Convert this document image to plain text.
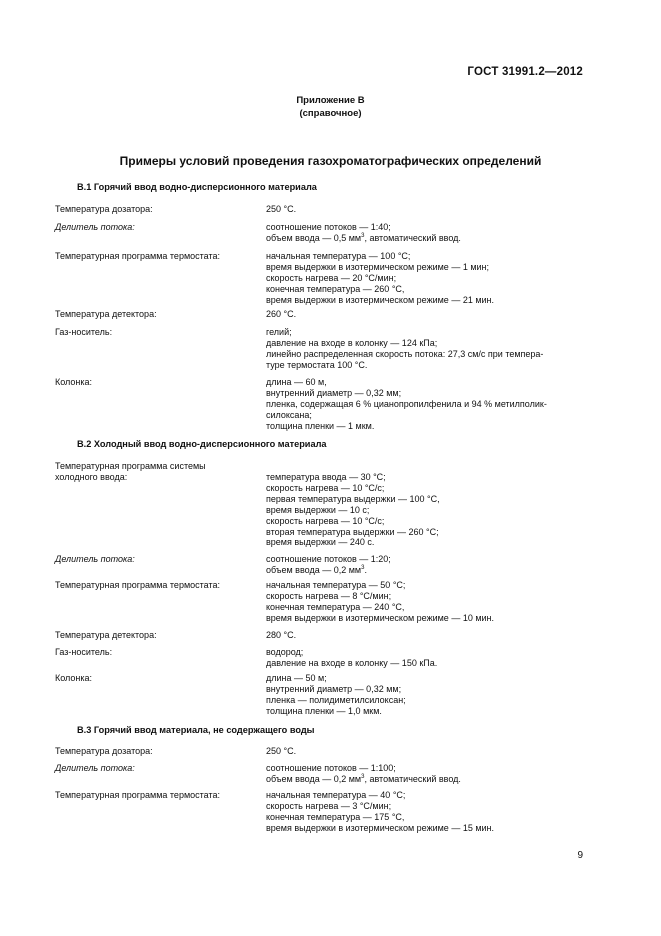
ГОСТ 31991.2—2012
Приложение В
(справочное)
Примеры условий проведения газохроматографических определений
В.1 Горячий ввод водно-дисперсионного материала
Температура дозатора:	250 °С.
Делитель потока:	соотношение потоков — 1:40;
объем ввода — 0,5 $мм^3$, автоматический ввод.
Температурная программа термостата:	начальная температура — 100 °С;
время выдержки в изотермическом режиме — 1 мин;
скорость нагрева — 20 °С/мин;
конечная температура — 260 °С,
время выдержки в изотермическом режиме — 21 мин.
Температура детектора:	260 °С.
Газ-носитель:	гелий;
давление на входе в колонку — 124 кПа;
линейно распределенная скорость потока: 27,3 см/с при темпера-
туре термостата 100 °С.
Колонка:	длина — 60 м,
внутренний диаметр — 0,32 мм;
пленка, содержащая 6 % цианопропилфенила и 94 % метилполик-
силоксана;
толщина пленки — 1 мкм.
В.2 Холодный ввод водно-дисперсионного материала
Температурная программа системы
холодного ввода:	температура ввода — 30 °С;
скорость нагрева — 10 °С/с;
первая температура выдержки — 100 °С,
время выдержки — 10 с;
скорость нагрева — 10 °С/с;
вторая температура выдержки — 260 °С;
время выдержки — 240 с.
Делитель потока:	соотношение потоков — 1:20;
объем ввода — 0,2 $мм^3$.
Температурная программа термостата:	начальная температура — 50 °С;
скорость нагрева — 8 °С/мин;
конечная температура — 240 °С,
время выдержки в изотермическом режиме — 10 мин.
Температура детектора:	280 °С.
Газ-носитель:	водород;
давление на входе в колонку — 150 кПа.
Колонка:	длина — 50 м;
внутренний диаметр — 0,32 мм;
пленка — полидиметилсилоксан;
толщина пленки — 1,0 мкм.
В.3 Горячий ввод материала, не содержащего воды
Температура дозатора:	250 °С.
Делитель потока:	соотношение потоков — 1:100;
объем ввода — 0,2 $мм^3$, автоматический ввод.
Температурная программа термостата:	начальная температура — 40 °С;
скорость нагрева — 3 °С/мин;
конечная температура — 175 °С,
время выдержки в изотермическом режиме — 15 мин.
9
